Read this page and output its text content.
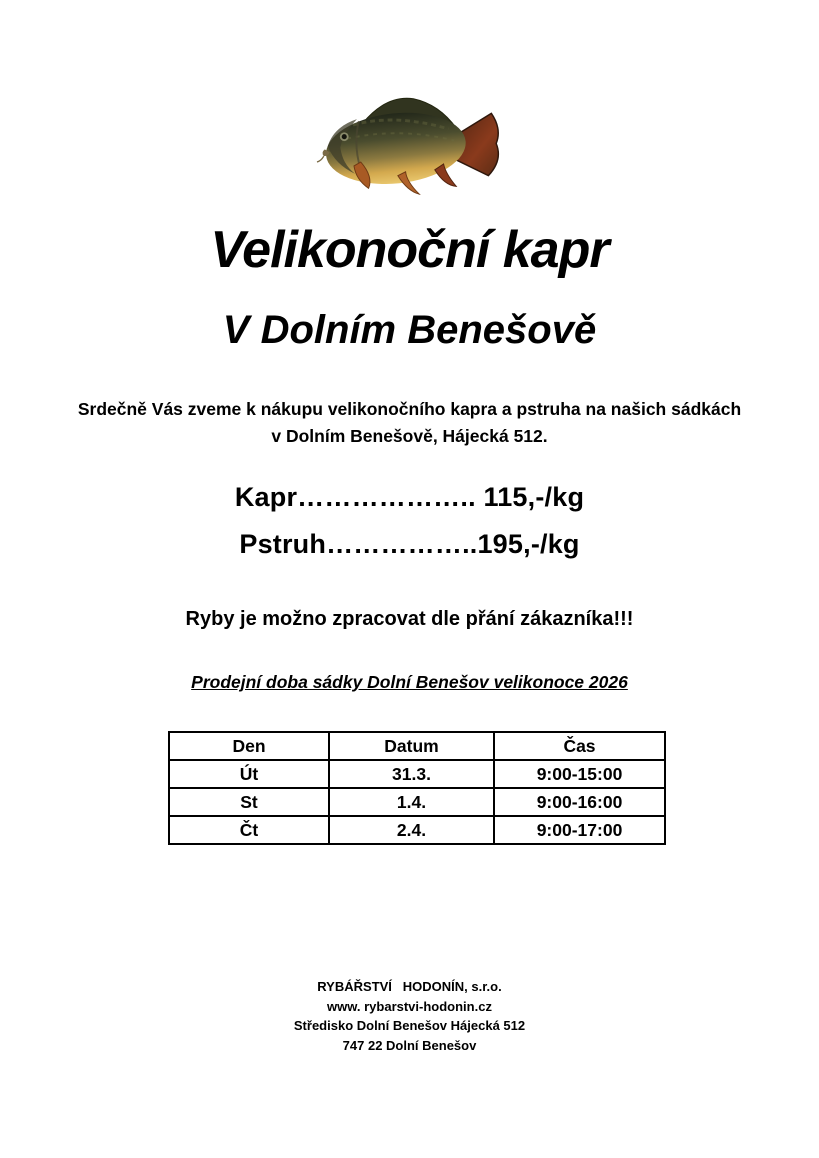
Velikonoční kapr
V Dolním Benešově
Srdečně Vás zveme k nákupu velikonočního kapra a pstruha na našich sádkách
v Dolním Benešově, Hájecká 512.
Kapr……………….. 115,-/kg
Pstruh……………..195,-/kg
Ryby je možno zpracovat dle přání zákazníka!!!
Prodejní doba sádky Dolní Benešov velikonoce 2026
Den	Datum	Čas
Út	31.3.	9:00-15:00
St	1.4.	9:00-16:00
Čt	2.4.	9:00-17:00
RYBÁŘSTVÍ   HODONÍN, s.r.o.
www. rybarstvi-hodonin.cz
Středisko Dolní Benešov Hájecká 512
747 22 Dolní Benešov
